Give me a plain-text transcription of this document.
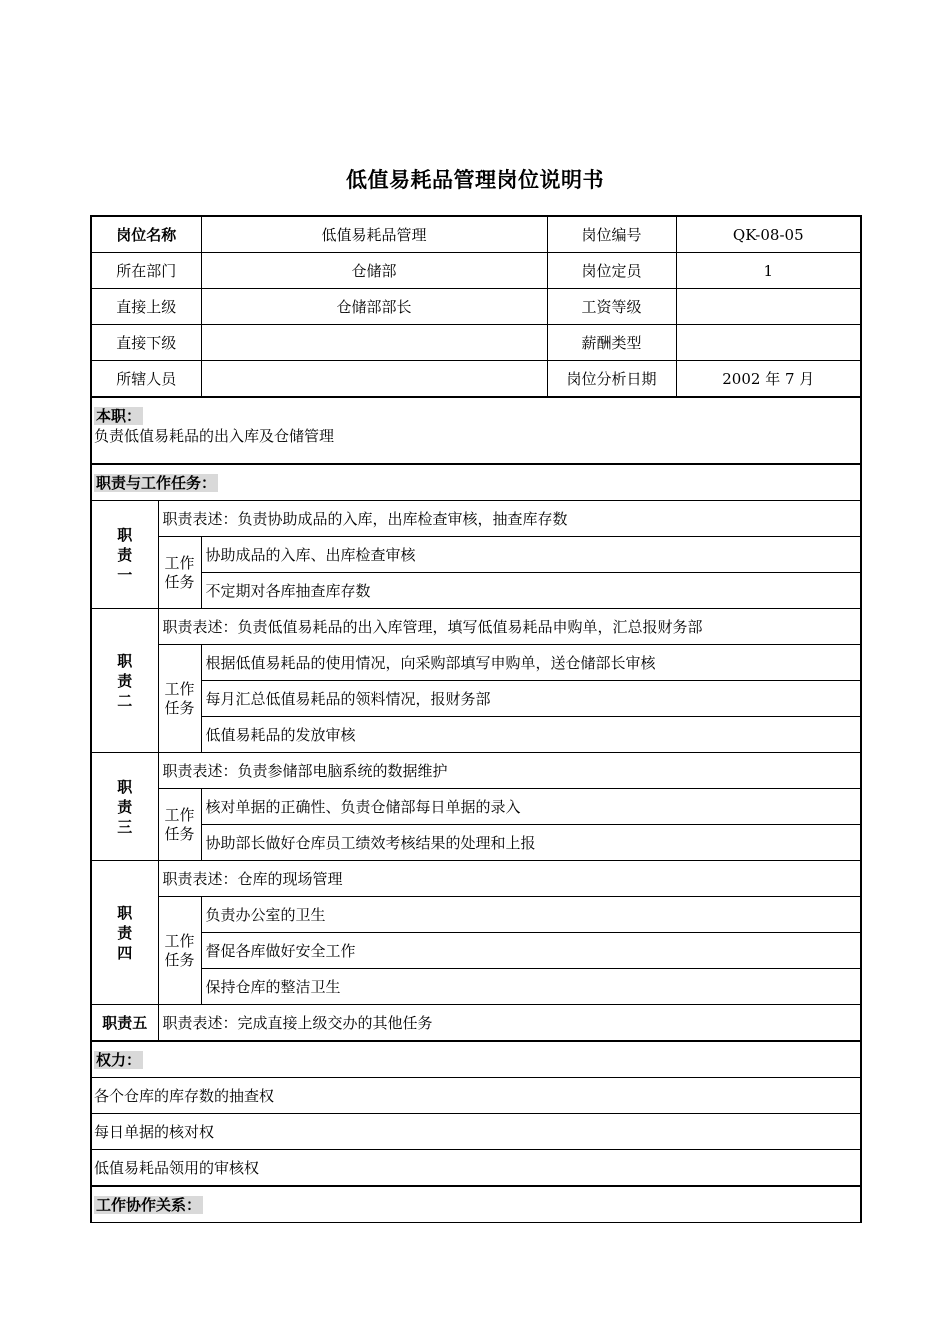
低值易耗品管理岗位说明书
岗位名称		低值易耗品管理	岗位编号	QK-08-05
所在部门		仓储部	岗位定员	1
直接上级		仓储部部长	工资等级	
直接下级			薪酬类型	
所辖人员			岗位分析日期	2002 年 7 月
本职：
负责低值易耗品的出入库及仓储管理				
职责与工作任务：				

职
责
一	职责表述：负责协助成品的入库，出库检查审核，抽查库存数			

	工作
任务	协助成品的入库、出库检查审核		
		不定期对各库抽查库存数		

职
责
二	职责表述：负责低值易耗品的出入库管理，填写低值易耗品申购单，汇总报财务部			

	工作
任务	根据低值易耗品的使用情况，向采购部填写申购单，送仓储部长审核		
		每月汇总低值易耗品的领料情况，报财务部		
		低值易耗品的发放审核		

职
责
三	职责表述：负责参储部电脑系统的数据维护			

	工作
任务	核对单据的正确性、负责仓储部每日单据的录入		
		协助部长做好仓库员工绩效考核结果的处理和上报		

职
责
四	职责表述：仓库的现场管理			

	工作
任务	负责办公室的卫生		
		督促各库做好安全工作		
		保持仓库的整洁卫生		
职责五	职责表述：完成直接上级交办的其他任务			
权力：				
各个仓库的库存数的抽查权				
每日单据的核对权				
低值易耗品领用的审核权				
工作协作关系：				
